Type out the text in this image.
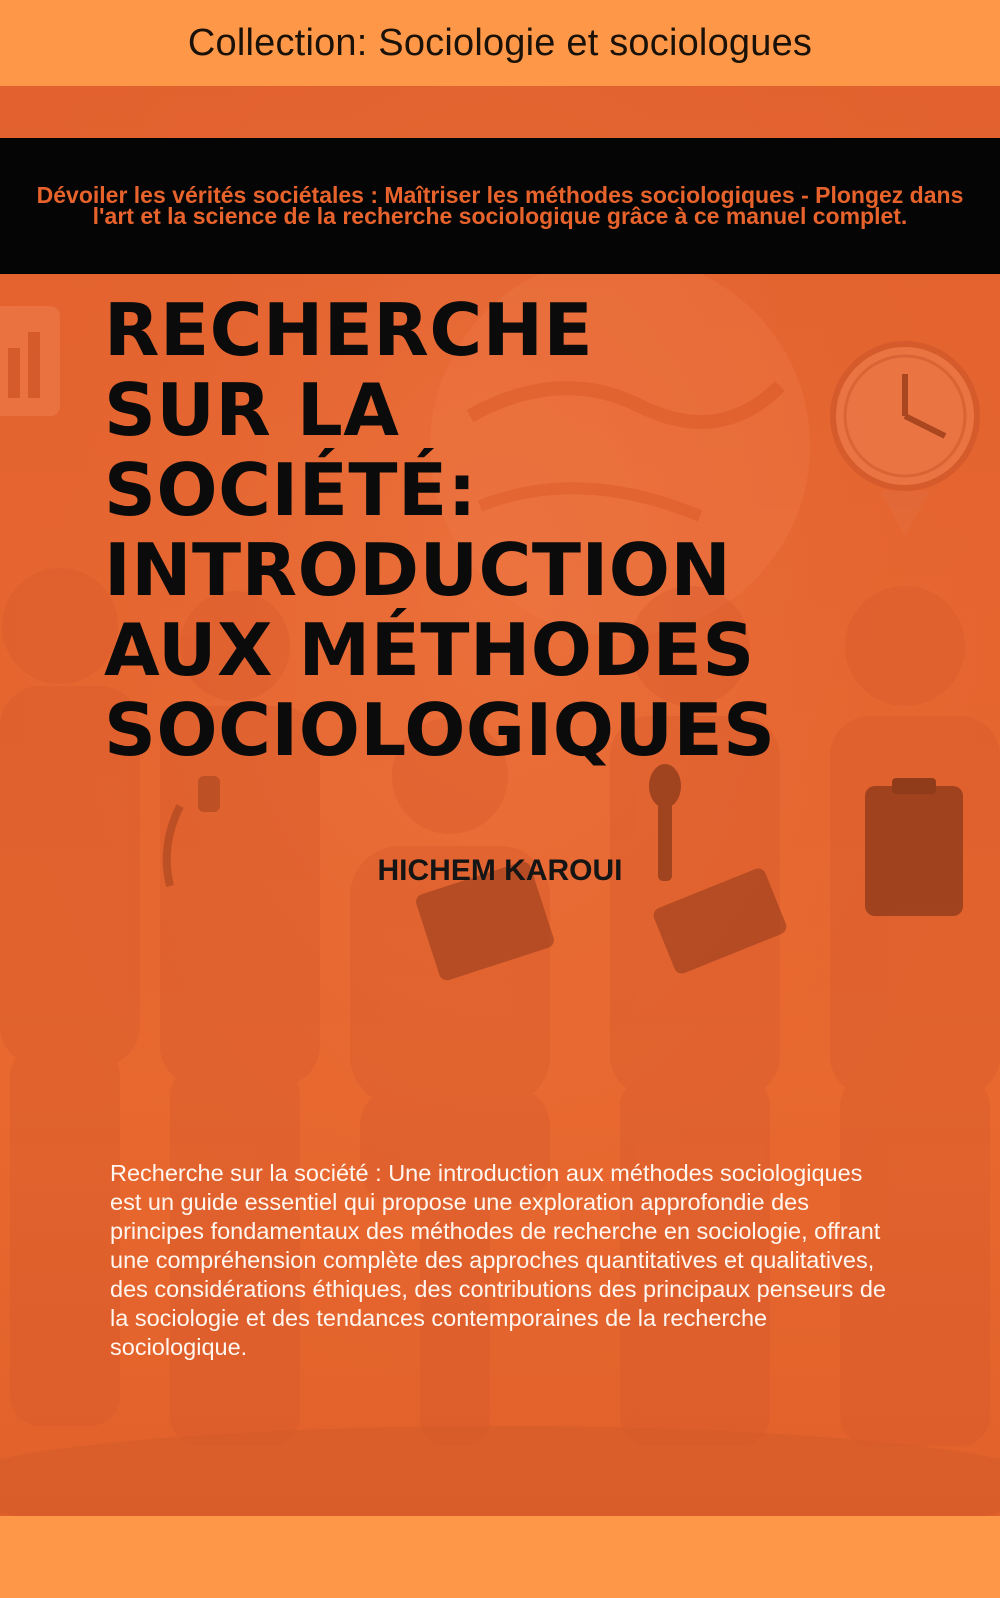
Collection: Sociologie et sociologues

Dévoiler les vérités sociétales : Maîtriser les méthodes sociologiques - Plongez dans l'art et la science de la recherche sociologique grâce à ce manuel complet.

RECHERCHE
SUR LA
SOCIÉTÉ:
INTRODUCTION
AUX MÉTHODES
SOCIOLOGIQUES
HICHEM KAROUI

Recherche sur la société : Une introduction aux méthodes sociologiques est un guide essentiel qui propose une exploration approfondie des principes fondamentaux des méthodes de recherche en sociologie, offrant une compréhension complète des approches quantitatives et qualitatives, des considérations éthiques, des contributions des principaux penseurs de la sociologie et des tendances contemporaines de la recherche sociologique.
